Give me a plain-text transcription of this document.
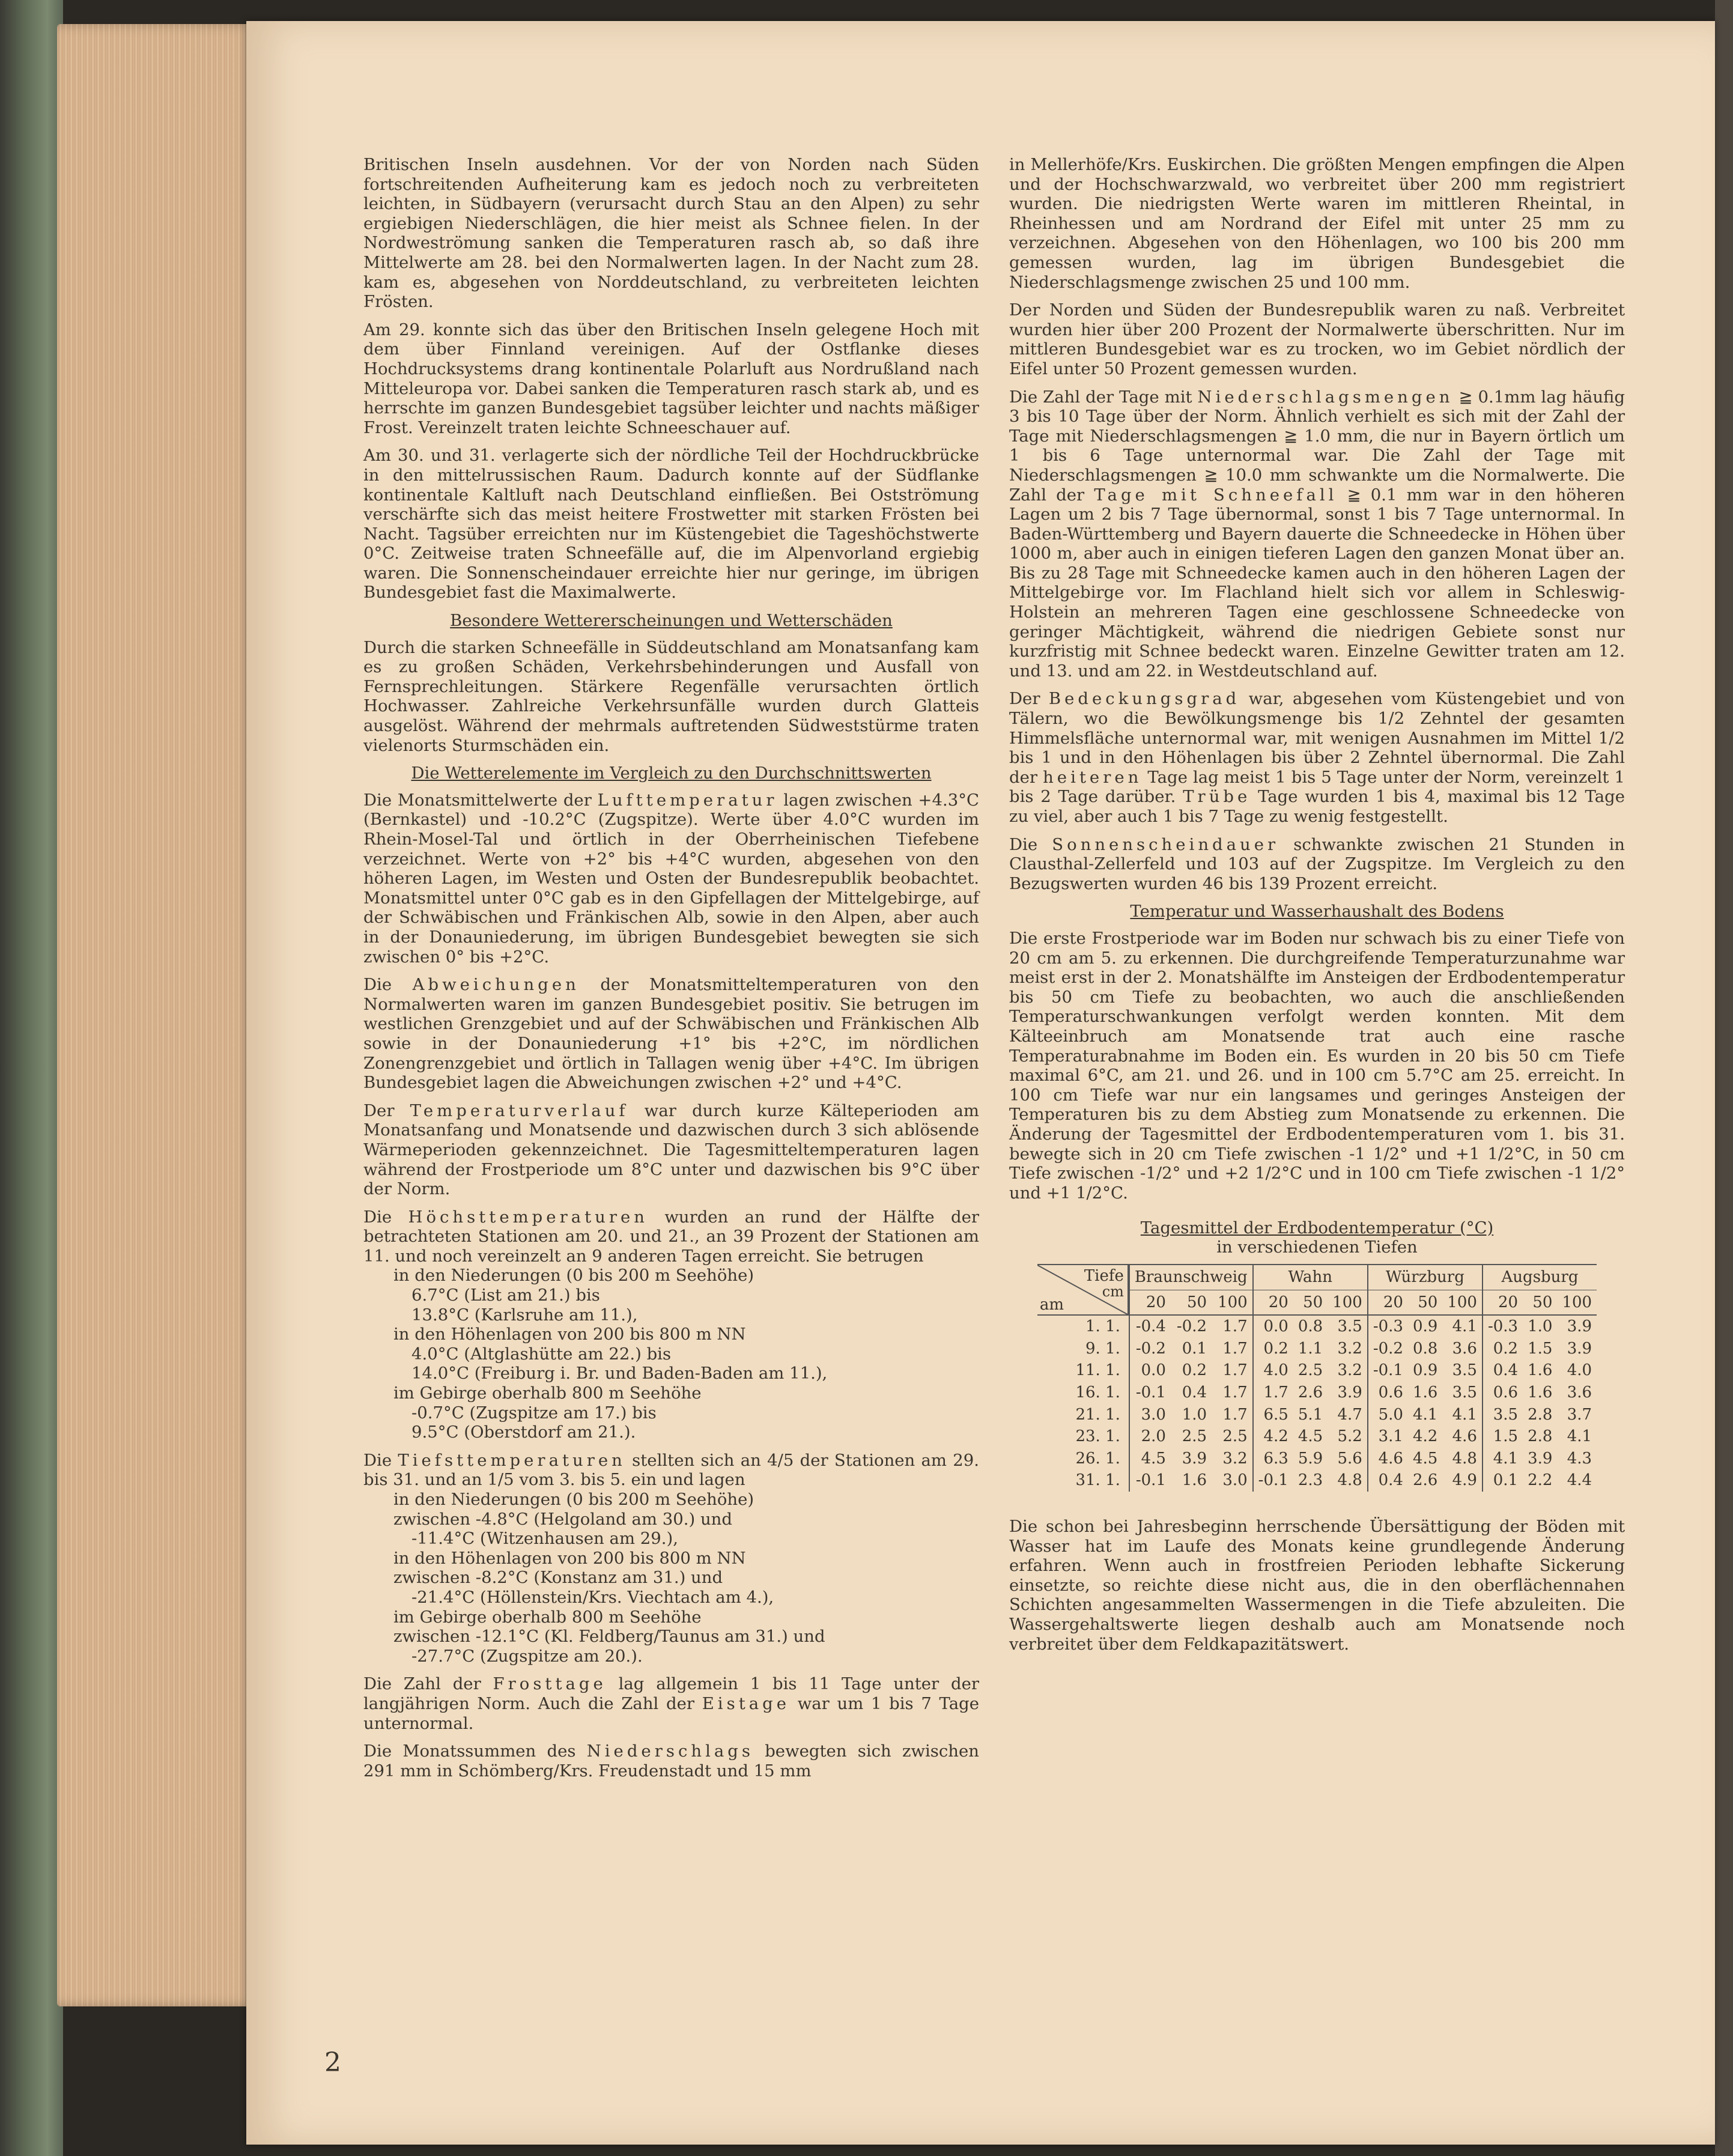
Britischen Inseln ausdehnen. Vor der von Norden nach Süden fortschreitenden Aufheiterung kam es jedoch noch zu verbreiteten leichten, in Südbayern (verursacht durch Stau an den Alpen) zu sehr ergiebigen Niederschlägen, die hier meist als Schnee fielen. In der Nordweströmung sanken die Temperaturen rasch ab, so daß ihre Mittelwerte am 28. bei den Normalwerten lagen. In der Nacht zum 28. kam es, abgesehen von Norddeutschland, zu verbreiteten leichten Frösten.

Am 29. konnte sich das über den Britischen Inseln gelegene Hoch mit dem über Finnland vereinigen. Auf der Ostflanke dieses Hochdrucksystems drang kontinentale Polarluft aus Nordrußland nach Mitteleuropa vor. Dabei sanken die Temperaturen rasch stark ab, und es herrschte im ganzen Bundesgebiet tagsüber leichter und nachts mäßiger Frost. Vereinzelt traten leichte Schneeschauer auf.

Am 30. und 31. verlagerte sich der nördliche Teil der Hochdruckbrücke in den mittelrussischen Raum. Dadurch konnte auf der Südflanke kontinentale Kaltluft nach Deutschland einfließen. Bei Ostströmung verschärfte sich das meist heitere Frostwetter mit starken Frösten bei Nacht. Tagsüber erreichten nur im Küstengebiet die Tageshöchstwerte 0°C. Zeitweise traten Schneefälle auf, die im Alpenvorland ergiebig waren. Die Sonnenscheindauer erreichte hier nur geringe, im übrigen Bundesgebiet fast die Maximalwerte.

Besondere Wettererscheinungen und Wetterschäden

Durch die starken Schneefälle in Süddeutschland am Monatsanfang kam es zu großen Schäden, Verkehrsbehinderungen und Ausfall von Fernsprechleitungen. Stärkere Regenfälle verursachten örtlich Hochwasser. Zahlreiche Verkehrsunfälle wurden durch Glatteis ausgelöst. Während der mehrmals auftretenden Südweststürme traten vielenorts Sturmschäden ein.

Die Wetterelemente im Vergleich zu den Durchschnittswerten

Die Monatsmittelwerte der Lufttemperatur lagen zwischen +4.3°C (Bernkastel) und -10.2°C (Zugspitze). Werte über 4.0°C wurden im Rhein-Mosel-Tal und örtlich in der Oberrheinischen Tiefebene verzeichnet. Werte von +2° bis +4°C wurden, abgesehen von den höheren Lagen, im Westen und Osten der Bundesrepublik beobachtet. Monatsmittel unter 0°C gab es in den Gipfellagen der Mittelgebirge, auf der Schwäbischen und Fränkischen Alb, sowie in den Alpen, aber auch in der Donauniederung, im übrigen Bundesgebiet bewegten sie sich zwischen 0° bis +2°C.

Die Abweichungen der Monatsmitteltemperaturen von den Normalwerten waren im ganzen Bundesgebiet positiv. Sie betrugen im westlichen Grenzgebiet und auf der Schwäbischen und Fränkischen Alb sowie in der Donauniederung +1° bis +2°C, im nördlichen Zonengrenzgebiet und örtlich in Tallagen wenig über +4°C. Im übrigen Bundesgebiet lagen die Abweichungen zwischen +2° und +4°C.

Der Temperaturverlauf war durch kurze Kälteperioden am Monatsanfang und Monatsende und dazwischen durch 3 sich ablösende Wärmeperioden gekennzeichnet. Die Tagesmitteltemperaturen lagen während der Frostperiode um 8°C unter und dazwischen bis 9°C über der Norm.

Die Höchsttemperaturen wurden an rund der Hälfte der betrachteten Stationen am 20. und 21., an 39 Prozent der Stationen am 11. und noch vereinzelt an 9 anderen Tagen erreicht. Sie betrugen

in den Niederungen (0 bis 200 m Seehöhe)
6.7°C (List am 21.) bis
13.8°C (Karlsruhe am 11.),
in den Höhenlagen von 200 bis 800 m NN
4.0°C (Altglashütte am 22.) bis
14.0°C (Freiburg i. Br. und Baden-Baden am 11.),
im Gebirge oberhalb 800 m Seehöhe
-0.7°C (Zugspitze am 17.) bis
9.5°C (Oberstdorf am 21.).

Die Tiefsttemperaturen stellten sich an 4/5 der Stationen am 29. bis 31. und an 1/5 vom 3. bis 5. ein und lagen

in den Niederungen (0 bis 200 m Seehöhe)
zwischen -4.8°C (Helgoland am 30.) und
-11.4°C (Witzenhausen am 29.),
in den Höhenlagen von 200 bis 800 m NN
zwischen -8.2°C (Konstanz am 31.) und
-21.4°C (Höllenstein/Krs. Viechtach am 4.),
im Gebirge oberhalb 800 m Seehöhe
zwischen -12.1°C (Kl. Feldberg/Taunus am 31.) und
-27.7°C (Zugspitze am 20.).

Die Zahl der Frosttage lag allgemein 1 bis 11 Tage unter der langjährigen Norm. Auch die Zahl der Eistage war um 1 bis 7 Tage unternormal.

Die Monatssummen des Niederschlags bewegten sich zwischen 291 mm in Schömberg/Krs. Freudenstadt und 15 mm

in Mellerhöfe/Krs. Euskirchen. Die größten Mengen empfingen die Alpen und der Hochschwarzwald, wo verbreitet über 200 mm registriert wurden. Die niedrigsten Werte waren im mittleren Rheintal, in Rheinhessen und am Nordrand der Eifel mit unter 25 mm zu verzeichnen. Abgesehen von den Höhenlagen, wo 100 bis 200 mm gemessen wurden, lag im übrigen Bundesgebiet die Niederschlagsmenge zwischen 25 und 100 mm.

Der Norden und Süden der Bundesrepublik waren zu naß. Verbreitet wurden hier über 200 Prozent der Normalwerte überschritten. Nur im mittleren Bundesgebiet war es zu trocken, wo im Gebiet nördlich der Eifel unter 50 Prozent gemessen wurden.

Die Zahl der Tage mit Niederschlagsmengen ≧ 0.1mm lag häufig 3 bis 10 Tage über der Norm. Ähnlich verhielt es sich mit der Zahl der Tage mit Niederschlagsmengen ≧ 1.0 mm, die nur in Bayern örtlich um 1 bis 6 Tage unternormal war. Die Zahl der Tage mit Niederschlagsmengen ≧ 10.0 mm schwankte um die Normalwerte. Die Zahl der Tage mit Schneefall ≧ 0.1 mm war in den höheren Lagen um 2 bis 7 Tage übernormal, sonst 1 bis 7 Tage unternormal. In Baden-Württemberg und Bayern dauerte die Schneedecke in Höhen über 1000 m, aber auch in einigen tieferen Lagen den ganzen Monat über an. Bis zu 28 Tage mit Schneedecke kamen auch in den höheren Lagen der Mittelgebirge vor. Im Flachland hielt sich vor allem in Schleswig-Holstein an mehreren Tagen eine geschlossene Schneedecke von geringer Mächtigkeit, während die niedrigen Gebiete sonst nur kurzfristig mit Schnee bedeckt waren. Einzelne Gewitter traten am 12. und 13. und am 22. in Westdeutschland auf.

Der Bedeckungsgrad war, abgesehen vom Küstengebiet und von Tälern, wo die Bewölkungsmenge bis 1/2 Zehntel der gesamten Himmelsfläche unternormal war, mit wenigen Ausnahmen im Mittel 1/2 bis 1 und in den Höhenlagen bis über 2 Zehntel übernormal. Die Zahl der heiteren Tage lag meist 1 bis 5 Tage unter der Norm, vereinzelt 1 bis 2 Tage darüber. Trübe Tage wurden 1 bis 4, maximal bis 12 Tage zu viel, aber auch 1 bis 7 Tage zu wenig festgestellt.

Die Sonnenscheindauer schwankte zwischen 21 Stunden in Clausthal-Zellerfeld und 103 auf der Zugspitze. Im Vergleich zu den Bezugswerten wurden 46 bis 139 Prozent erreicht.

Temperatur und Wasserhaushalt des Bodens

Die erste Frostperiode war im Boden nur schwach bis zu einer Tiefe von 20 cm am 5. zu erkennen. Die durchgreifende Temperaturzunahme war meist erst in der 2. Monatshälfte im Ansteigen der Erdbodentemperatur bis 50 cm Tiefe zu beobachten, wo auch die anschließenden Temperaturschwankungen verfolgt werden konnten. Mit dem Kälteeinbruch am Monatsende trat auch eine rasche Temperaturabnahme im Boden ein. Es wurden in 20 bis 50 cm Tiefe maximal 6°C, am 21. und 26. und in 100 cm 5.7°C am 25. erreicht. In 100 cm Tiefe war nur ein langsames und geringes Ansteigen der Temperaturen bis zu dem Abstieg zum Monatsende zu erkennen. Die Änderung der Tagesmittel der Erdbodentemperaturen vom 1. bis 31. bewegte sich in 20 cm Tiefe zwischen -1 1/2° und +1 1/2°C, in 50 cm Tiefe zwischen -1/2° und +2 1/2°C und in 100 cm Tiefe zwischen -1 1/2° und +1 1/2°C.

Tagesmittel der Erdbodentemperatur (°C)
in verschiedenen Tiefen
Tiefe
cm
am	Braunschweig			Wahn			Würzburg			Augsburg		
	20	50	100	20	50	100	20	50	100	20	50	100
1. 1.	-0.4	-0.2	1.7	0.0	0.8	3.5	-0.3	0.9	4.1	-0.3	1.0	3.9
9. 1.	-0.2	0.1	1.7	0.2	1.1	3.2	-0.2	0.8	3.6	0.2	1.5	3.9
11. 1.	0.0	0.2	1.7	4.0	2.5	3.2	-0.1	0.9	3.5	0.4	1.6	4.0
16. 1.	-0.1	0.4	1.7	1.7	2.6	3.9	0.6	1.6	3.5	0.6	1.6	3.6
21. 1.	3.0	1.0	1.7	6.5	5.1	4.7	5.0	4.1	4.1	3.5	2.8	3.7
23. 1.	2.0	2.5	2.5	4.2	4.5	5.2	3.1	4.2	4.6	1.5	2.8	4.1
26. 1.	4.5	3.9	3.2	6.3	5.9	5.6	4.6	4.5	4.8	4.1	3.9	4.3
31. 1.	-0.1	1.6	3.0	-0.1	2.3	4.8	0.4	2.6	4.9	0.1	2.2	4.4

Die schon bei Jahresbeginn herrschende Übersättigung der Böden mit Wasser hat im Laufe des Monats keine grundlegende Änderung erfahren. Wenn auch in frostfreien Perioden lebhafte Sickerung einsetzte, so reichte diese nicht aus, die in den oberflächennahen Schichten angesammelten Wassermengen in die Tiefe abzuleiten. Die Wassergehaltswerte liegen deshalb auch am Monatsende noch verbreitet über dem Feldkapazitätswert.

2
